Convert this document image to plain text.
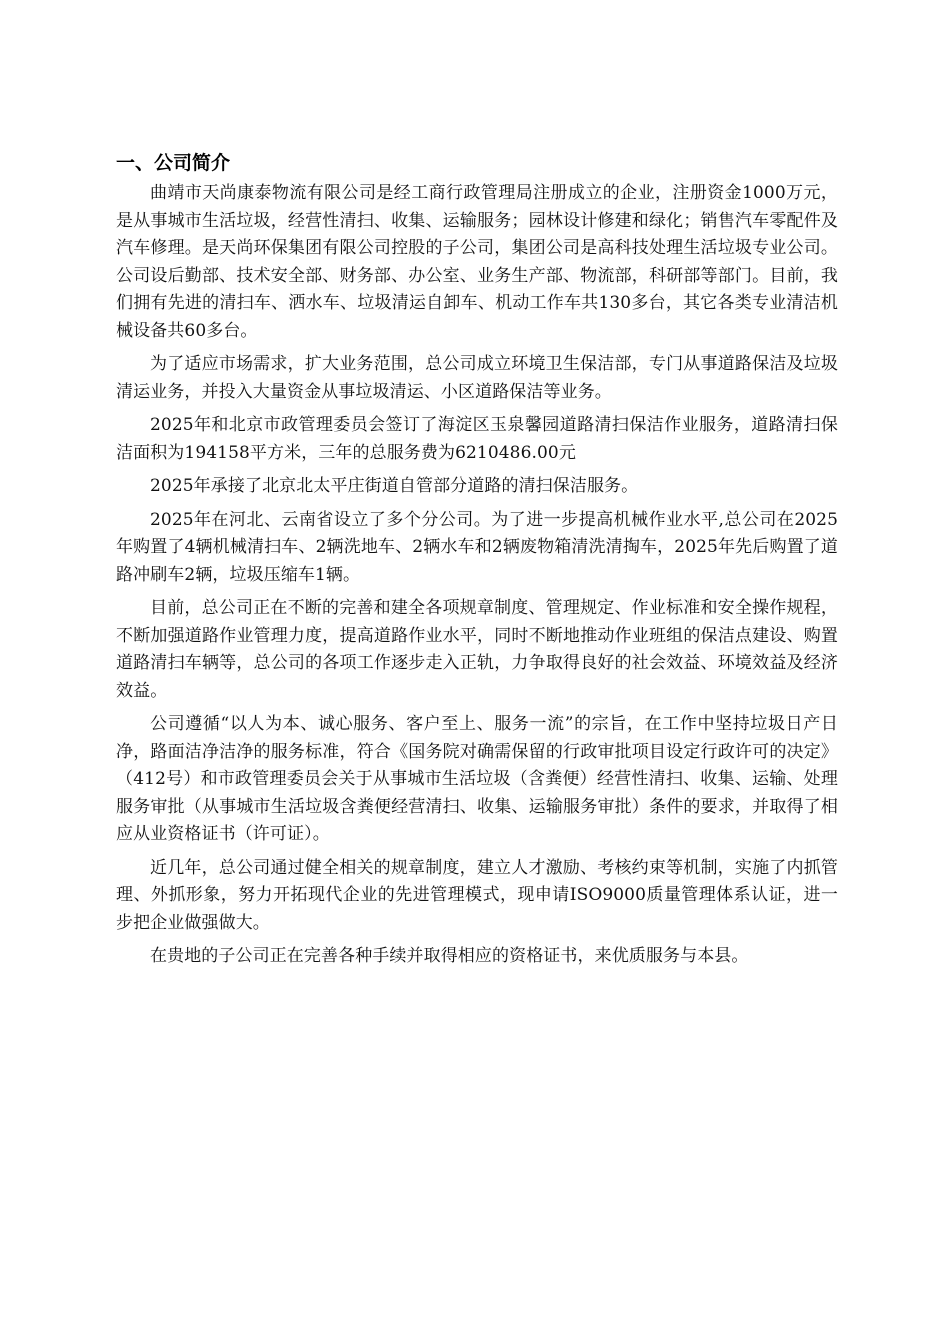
一、公司简介

曲靖市天尚康泰物流有限公司是经工商行政管理局注册成立的企业，注册资金1000万元，是从事城市生活垃圾，经营性清扫、收集、运输服务；园林设计修建和绿化；销售汽车零配件及汽车修理。是天尚环保集团有限公司控股的子公司，集团公司是高科技处理生活垃圾专业公司。公司设后勤部、技术安全部、财务部、办公室、业务生产部、物流部，科研部等部门。目前，我们拥有先进的清扫车、洒水车、垃圾清运自卸车、机动工作车共130多台，其它各类专业清洁机械设备共60多台。

为了适应市场需求，扩大业务范围，总公司成立环境卫生保洁部，专门从事道路保洁及垃圾清运业务，并投入大量资金从事垃圾清运、小区道路保洁等业务。

2025年和北京市政管理委员会签订了海淀区玉泉馨园道路清扫保洁作业服务，道路清扫保洁面积为194158平方米，三年的总服务费为6210486.00元

2025年承接了北京北太平庄街道自管部分道路的清扫保洁服务。

2025年在河北、云南省设立了多个分公司。为了进一步提高机械作业水平,总公司在2025年购置了4辆机械清扫车、2辆洗地车、2辆水车和2辆废物箱清洗清掏车，2025年先后购置了道路冲刷车2辆，垃圾压缩车1辆。

目前，总公司正在不断的完善和建全各项规章制度、管理规定、作业标准和安全操作规程，不断加强道路作业管理力度，提高道路作业水平，同时不断地推动作业班组的保洁点建设、购置道路清扫车辆等，总公司的各项工作逐步走入正轨，力争取得良好的社会效益、环境效益及经济效益。

公司遵循“以人为本、诚心服务、客户至上、服务一流”的宗旨，在工作中坚持垃圾日产日净，路面洁净洁净的服务标准，符合《国务院对确需保留的行政审批项目设定行政许可的决定》（412号）和市政管理委员会关于从事城市生活垃圾（含粪便）经营性清扫、收集、运输、处理服务审批（从事城市生活垃圾含粪便经营清扫、收集、运输服务审批）条件的要求，并取得了相应从业资格证书（许可证）。

近几年，总公司通过健全相关的规章制度，建立人才激励、考核约束等机制，实施了内抓管理、外抓形象，努力开拓现代企业的先进管理模式，现申请ISO9000质量管理体系认证，进一步把企业做强做大。

在贵地的子公司正在完善各种手续并取得相应的资格证书，来优质服务与本县。
